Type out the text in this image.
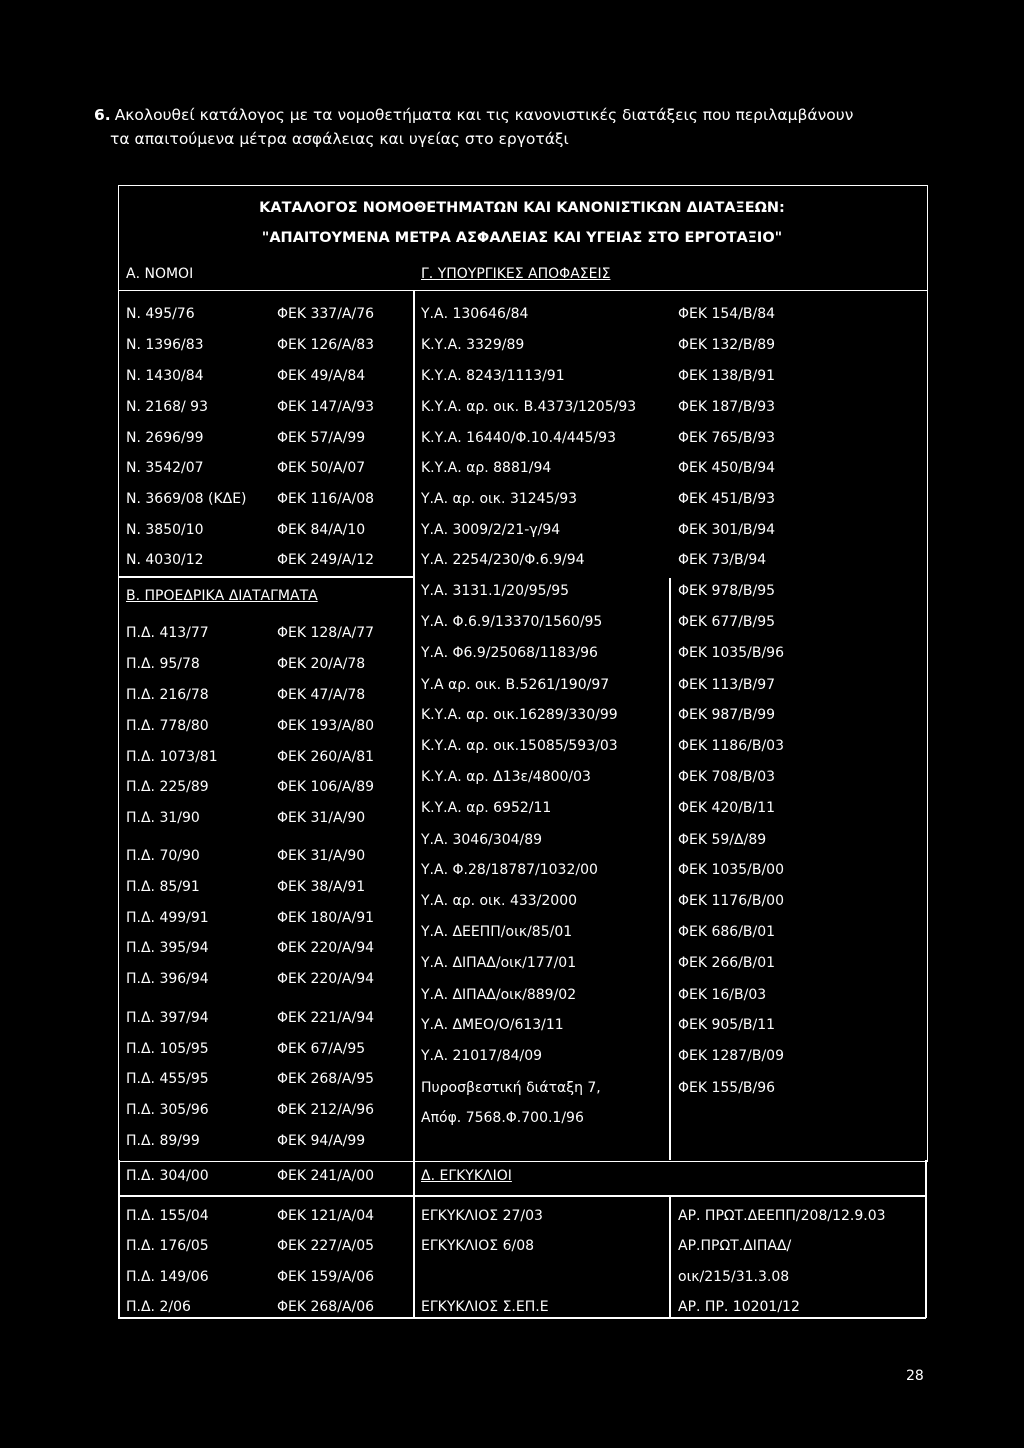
6. Ακολουθεί κατάλογος με τα νομοθετήματα και τις κανονιστικές διατάξεις που περιλαμβάνουν
τα απαιτούμενα μέτρα ασφάλειας και υγείας στο εργοτάξι
ΚΑΤΑΛΟΓΟΣ ΝΟΜΟΘΕΤΗΜΑΤΩΝ ΚΑΙ ΚΑΝΟΝΙΣΤΙΚΩΝ ΔΙΑΤΑΞΕΩΝ:
"ΑΠΑΙΤΟΥΜΕΝΑ ΜΕΤΡΑ ΑΣΦΑΛΕΙΑΣ ΚΑΙ ΥΓΕΙΑΣ ΣΤΟ ΕΡΓΟΤΑΞΙΟ"
Α. ΝΟΜΟΙ	Γ. ΥΠΟΥΡΓΙΚΕΣ ΑΠΟΦΑΣΕΙΣ
Β. ΠΡΟΕΔΡΙΚΑ ΔΙΑΤΑΓΜΑΤΑ
Δ. ΕΓΚΥΚΛΙΟΙ
28
Ν. 495/76	ΦΕΚ 337/Α/76
Ν. 1396/83	ΦΕΚ 126/Α/83
Ν. 1430/84	ΦΕΚ 49/Α/84
Ν. 2168/ 93	ΦΕΚ 147/Α/93
Ν. 2696/99	ΦΕΚ 57/Α/99
Ν. 3542/07	ΦΕΚ 50/Α/07
Ν. 3669/08 (ΚΔΕ) ΦΕΚ 116/Α/08
Ν. 3850/10	ΦΕΚ 84/Α/10
Ν. 4030/12	ΦΕΚ 249/Α/12
Π.Δ. 413/77	ΦΕΚ 128/Α/77
Π.Δ. 95/78	ΦΕΚ 20/Α/78
Π.Δ. 216/78	ΦΕΚ 47/Α/78
Π.Δ. 778/80	ΦΕΚ 193/Α/80
Π.Δ. 1073/81	ΦΕΚ 260/Α/81
Π.Δ. 225/89	ΦΕΚ 106/Α/89
Π.Δ. 31/90	ΦΕΚ 31/Α/90
Π.Δ. 70/90	ΦΕΚ 31/Α/90
Π.Δ. 85/91	ΦΕΚ 38/Α/91
Π.Δ. 499/91	ΦΕΚ 180/Α/91
Π.Δ. 395/94	ΦΕΚ 220/Α/94
Π.Δ. 396/94	ΦΕΚ 220/Α/94
Π.Δ. 397/94	ΦΕΚ 221/Α/94
Π.Δ. 105/95	ΦΕΚ 67/Α/95
Π.Δ. 455/95	ΦΕΚ 268/Α/95
Π.Δ. 305/96	ΦΕΚ 212/Α/96
Π.Δ. 89/99	ΦΕΚ 94/Α/99
Π.Δ. 304/00	ΦΕΚ 241/Α/00
Π.Δ. 155/04	ΦΕΚ 121/Α/04
Π.Δ. 176/05	ΦΕΚ 227/Α/05
Π.Δ. 149/06	ΦΕΚ 159/Α/06
Π.Δ. 2/06	ΦΕΚ 268/Α/06
Υ.Α. 130646/84	ΦΕΚ 154/Β/84
Κ.Υ.Α. 3329/89	ΦΕΚ 132/Β/89
Κ.Υ.Α. 8243/1113/91	ΦΕΚ 138/Β/91
Κ.Υ.Α. αρ. οικ. Β.4373/1205/93	ΦΕΚ 187/Β/93
Κ.Υ.Α. 16440/Φ.10.4/445/93	ΦΕΚ 765/Β/93
Κ.Υ.Α. αρ. 8881/94	ΦΕΚ 450/Β/94
Υ.Α. αρ. οικ. 31245/93	ΦΕΚ 451/Β/93
Υ.Α. 3009/2/21-γ/94	ΦΕΚ 301/Β/94
Υ.Α. 2254/230/Φ.6.9/94	ΦΕΚ 73/Β/94
Υ.Α. 3131.1/20/95/95	ΦΕΚ 978/Β/95
Υ.Α. Φ.6.9/13370/1560/95	ΦΕΚ 677/Β/95
Υ.Α. Φ6.9/25068/1183/96	ΦΕΚ 1035/Β/96
Υ.Α αρ. οικ. Β.5261/190/97	ΦΕΚ 113/Β/97
Κ.Υ.Α. αρ. οικ.16289/330/99	ΦΕΚ 987/Β/99
Κ.Υ.Α. αρ. οικ.15085/593/03	ΦΕΚ 1186/Β/03
Κ.Υ.Α. αρ. Δ13ε/4800/03	ΦΕΚ 708/Β/03
Κ.Υ.Α. αρ. 6952/11	ΦΕΚ 420/Β/11
Υ.Α. 3046/304/89	ΦΕΚ 59/Δ/89
Υ.Α. Φ.28/18787/1032/00	ΦΕΚ 1035/Β/00
Υ.Α. αρ. οικ. 433/2000	ΦΕΚ 1176/Β/00
Υ.Α. ΔΕΕΠΠ/οικ/85/01	ΦΕΚ 686/Β/01
Υ.Α. ΔΙΠΑΔ/οικ/177/01	ΦΕΚ 266/Β/01
Υ.Α. ΔΙΠΑΔ/οικ/889/02	ΦΕΚ 16/Β/03
Υ.Α. ΔΜΕΟ/Ο/613/11	ΦΕΚ 905/Β/11
Υ.Α. 21017/84/09	ΦΕΚ 1287/Β/09
Πυροσβεστική διάταξη 7,	ΦΕΚ 155/Β/96
Απόφ. 7568.Φ.700.1/96
ΕΓΚΥΚΛΙΟΣ 27/03	ΑΡ. ΠΡΩΤ.ΔΕΕΠΠ/208/12.9.03
ΕΓΚΥΚΛΙΟΣ 6/08	ΑΡ.ΠΡΩΤ.ΔΙΠΑΔ/
οικ/215/31.3.08
ΕΓΚΥΚΛΙΟΣ Σ.ΕΠ.Ε	ΑΡ. ΠΡ. 10201/12
